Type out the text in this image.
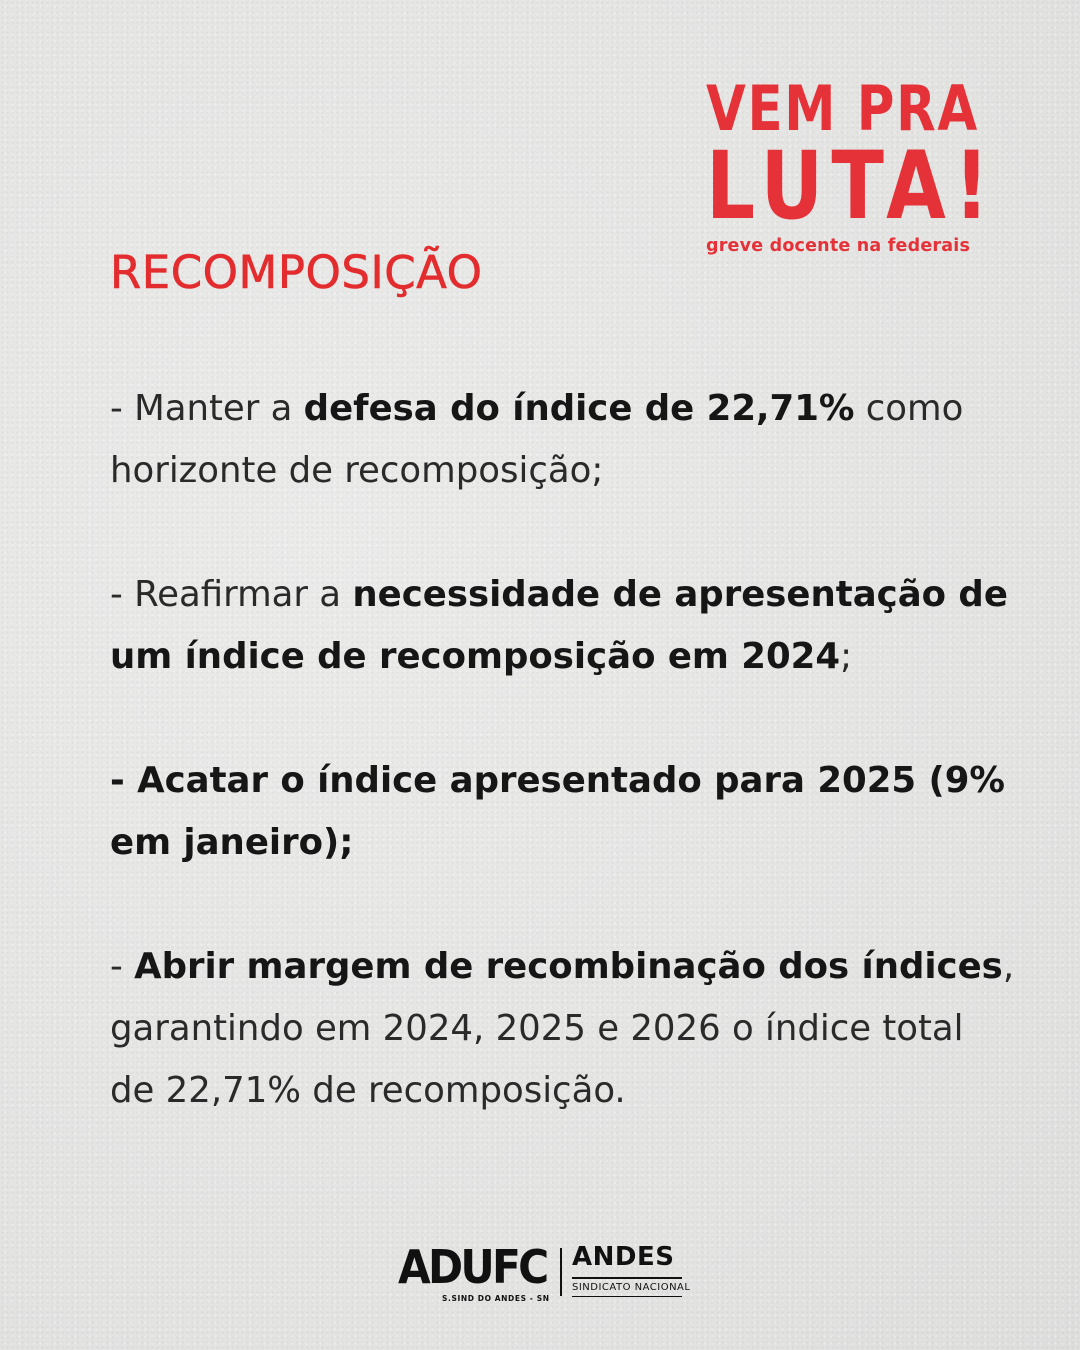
VEM PRA
LUTA!
greve docente na federais
RECOMPOSIÇÃO

- Manter a defesa do índice de 22,71% como horizonte de recomposição;

- Reafirmar a necessidade de apresentação de um índice de recomposição em 2024;

- Acatar o índice apresentado para 2025 (9% em janeiro);

- Abrir margem de recombinação dos índices, garantindo em 2024, 2025 e 2026 o índice total de 22,71% de recomposição.

ADUFC
S.SIND DO ANDES - SN
ANDES
SINDICATO NACIONAL
